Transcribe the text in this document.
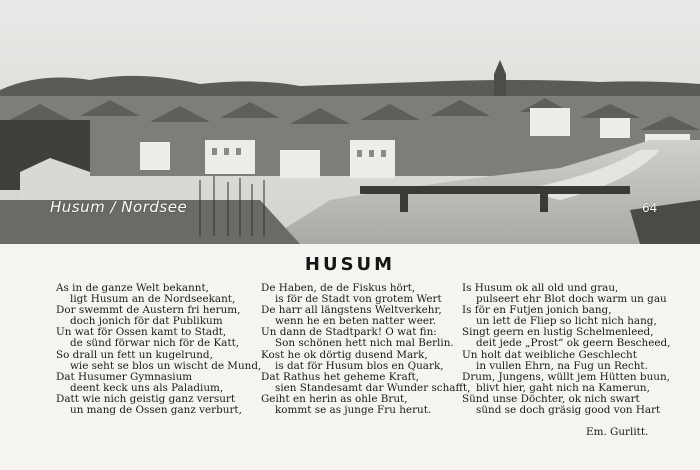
Husum / Nordsee	64
HUSUM
As in de ganze Welt bekannt,
ligt Husum an de Nordseekant,
Dor swemmt de Austern fri herum,
doch jonich för dat Publikum
Un wat för Ossen kamt to Stadt,
de sünd förwar nich för de Katt,
So drall un fett un kugelrund,
wie seht se blos un wischt de Mund,
Dat Husumer Gymnasium
deent keck uns als Paladium,
Datt wie nich geistig ganz versurt
un mang de Ossen ganz verburt,
De Haben, de de Fiskus hört,
is för de Stadt von grotem Wert
De harr all längstens Weltverkehr,
wenn he en beten natter weer.
Un dann de Stadtpark! O wat fin:
Son schönen hett nich mal Berlin.
Kost he ok dörtig dusend Mark,
is dat för Husum blos en Quark,
Dat Rathus het geheme Kraft,
sien Standesamt dar Wunder schafft,
Geiht en herin as ohle Brut,
kommt se as junge Fru herut.
Is Husum ok all old und grau,
pulseert ehr Blot doch warm un gau
Is för en Futjen jonich bang,
un lett de Fliep so licht nich hang,
Singt geern en lustig Schelmenleed,
deit jede „Prost“ ok geern Bescheed,
Un holt dat weibliche Geschlecht
in vullen Ehrn, na Fug un Recht.
Drum, Jungens, wüllt jem Hütten buun,
blivt hier, gaht nich na Kamerun,
Sünd unse Döchter, ok nich swart
sünd se doch gräsig good von Hart
Em. Gurlitt.
